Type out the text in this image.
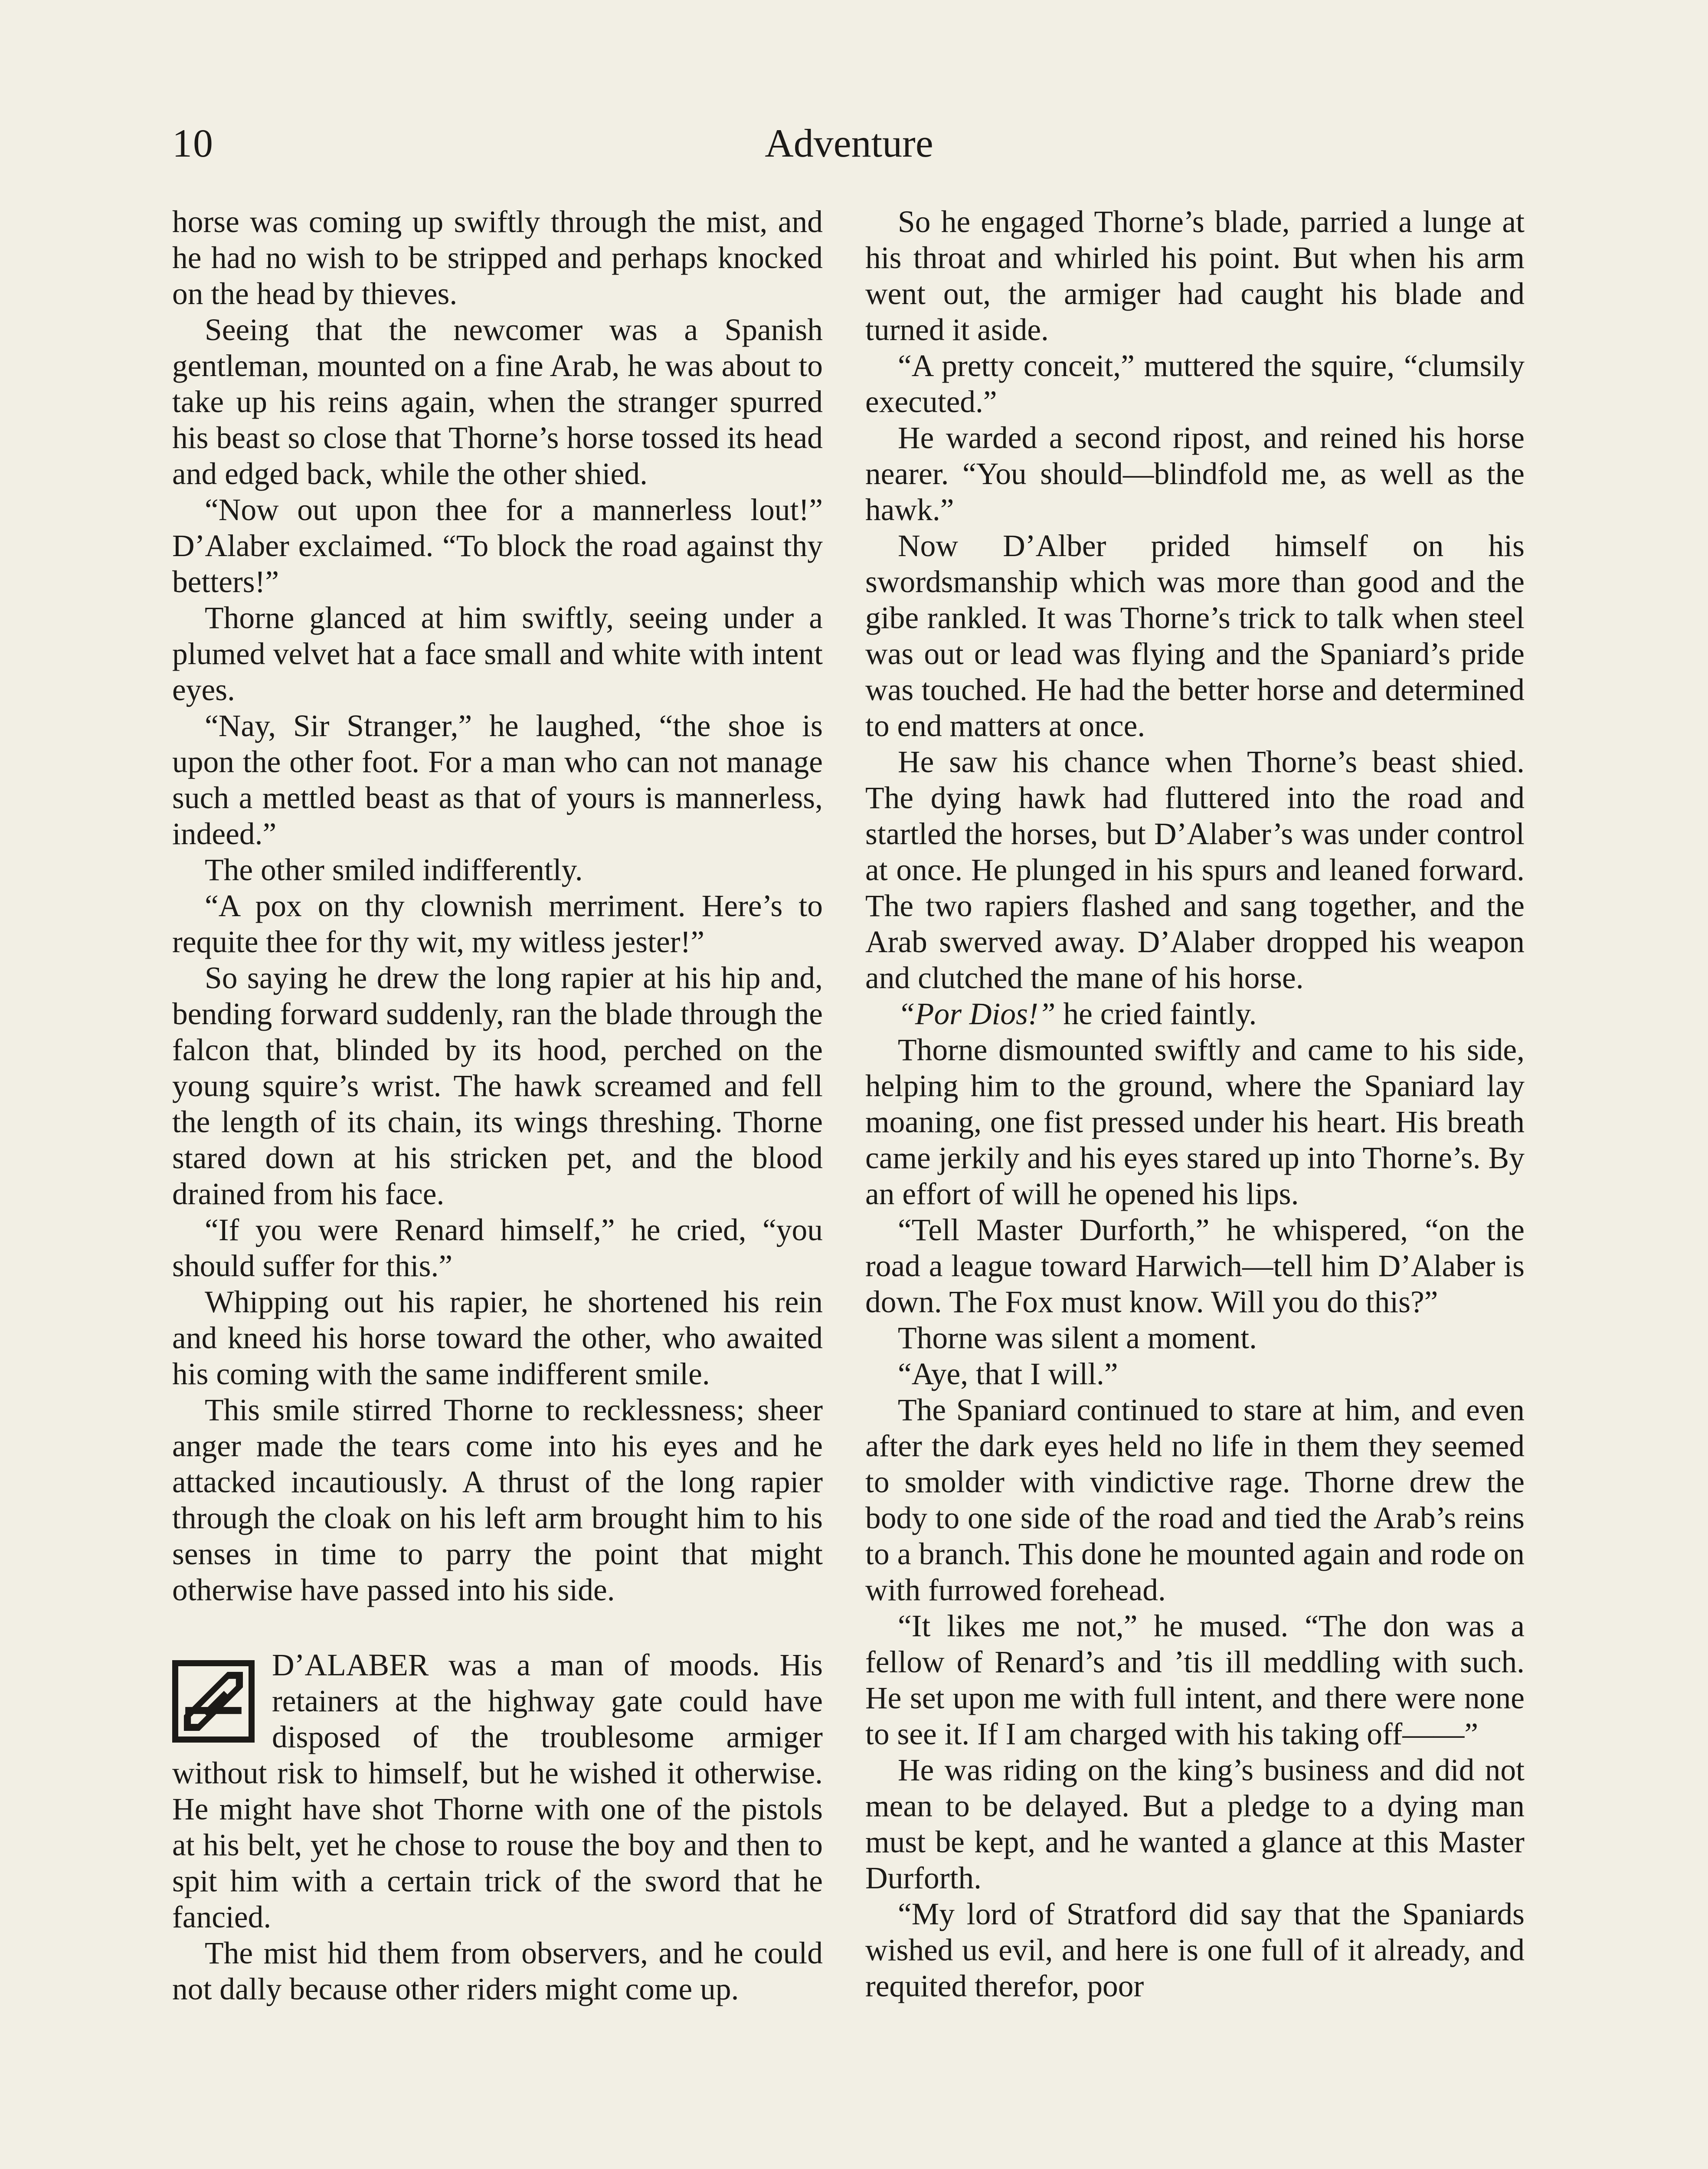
10	Adventure

horse was coming up swiftly through the mist, and he had no wish to be stripped and perhaps knocked on the head by thieves.

Seeing that the newcomer was a Spanish gentleman, mounted on a fine Arab, he was about to take up his reins again, when the stranger spurred his beast so close that Thorne’s horse tossed its head and edged back, while the other shied.

“Now out upon thee for a mannerless lout!” D’Alaber exclaimed. “To block the road against thy betters!”

Thorne glanced at him swiftly, seeing under a plumed velvet hat a face small and white with intent eyes.

“Nay, Sir Stranger,” he laughed, “the shoe is upon the other foot. For a man who can not manage such a mettled beast as that of yours is mannerless, indeed.”

The other smiled indifferently.

“A pox on thy clownish merriment. Here’s to requite thee for thy wit, my witless jester!”

So saying he drew the long rapier at his hip and, bending forward suddenly, ran the blade through the falcon that, blinded by its hood, perched on the young squire’s wrist. The hawk screamed and fell the length of its chain, its wings threshing. Thorne stared down at his stricken pet, and the blood drained from his face.

“If you were Renard himself,” he cried, “you should suffer for this.”

Whipping out his rapier, he shortened his rein and kneed his horse toward the other, who awaited his coming with the same indifferent smile.

This smile stirred Thorne to recklessness; sheer anger made the tears come into his eyes and he attacked incautiously. A thrust of the long rapier through the cloak on his left arm brought him to his senses in time to parry the point that might otherwise have passed into his side.

D’ALABER was a man of moods. His retainers at the highway gate could have disposed of the troublesome armiger without risk to himself, but he wished it otherwise. He might have shot Thorne with one of the pistols at his belt, yet he chose to rouse the boy and then to spit him with a certain trick of the sword that he fancied.

The mist hid them from observers, and he could not dally because other riders might come up.

So he engaged Thorne’s blade, parried a lunge at his throat and whirled his point. But when his arm went out, the armiger had caught his blade and turned it aside.

“A pretty conceit,” muttered the squire, “clumsily executed.”

He warded a second ripost, and reined his horse nearer. “You should—blindfold me, as well as the hawk.”

Now D’Alber prided himself on his swordsmanship which was more than good and the gibe rankled. It was Thorne’s trick to talk when steel was out or lead was flying and the Spaniard’s pride was touched. He had the better horse and determined to end matters at once.

He saw his chance when Thorne’s beast shied. The dying hawk had fluttered into the road and startled the horses, but D’Alaber’s was under control at once. He plunged in his spurs and leaned forward. The two rapiers flashed and sang together, and the Arab swerved away. D’Alaber dropped his weapon and clutched the mane of his horse.

“Por Dios!” he cried faintly.

Thorne dismounted swiftly and came to his side, helping him to the ground, where the Spaniard lay moaning, one fist pressed under his heart. His breath came jerkily and his eyes stared up into Thorne’s. By an effort of will he opened his lips.

“Tell Master Durforth,” he whispered, “on the road a league toward Harwich—tell him D’Alaber is down. The Fox must know. Will you do this?”

Thorne was silent a moment.

“Aye, that I will.”

The Spaniard continued to stare at him, and even after the dark eyes held no life in them they seemed to smolder with vindictive rage. Thorne drew the body to one side of the road and tied the Arab’s reins to a branch. This done he mounted again and rode on with furrowed forehead.

“It likes me not,” he mused. “The don was a fellow of Renard’s and ’tis ill meddling with such. He set upon me with full intent, and there were none to see it. If I am charged with his taking off——”

He was riding on the king’s business and did not mean to be delayed. But a pledge to a dying man must be kept, and he wanted a glance at this Master Durforth.

“My lord of Stratford did say that the Spaniards wished us evil, and here is one full of it already, and requited therefor, poor
